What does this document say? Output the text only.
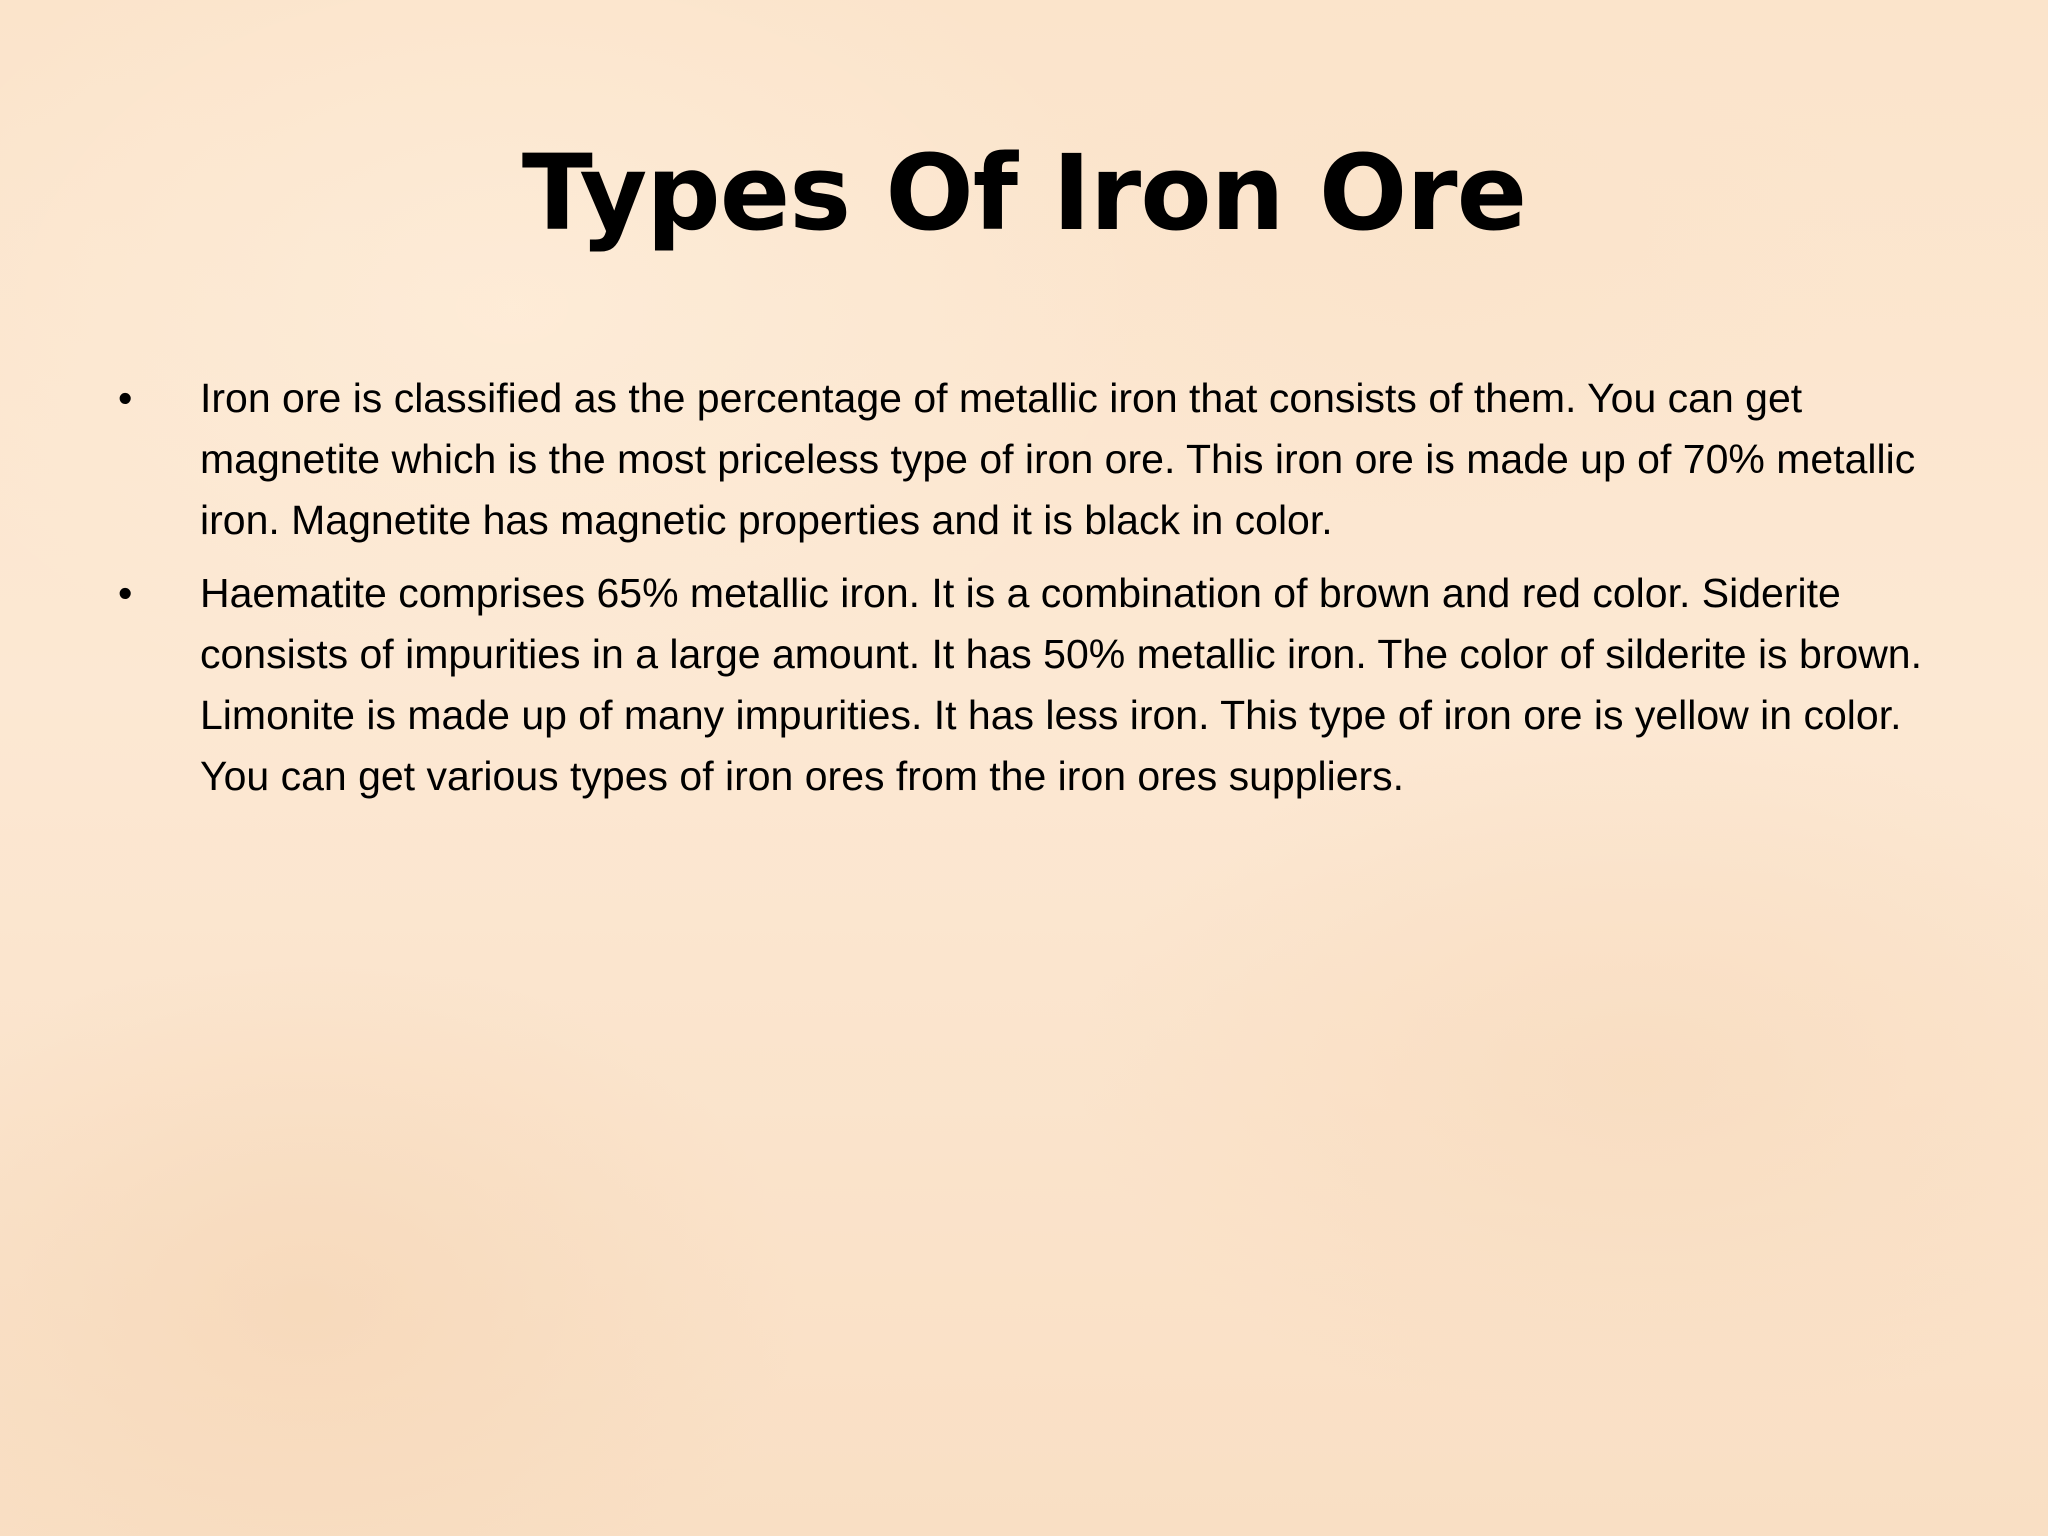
Types Of Iron Ore
•	Iron ore is classified as the percentage of metallic iron that consists of them. You can get magnetite which is the most priceless type of iron ore. This iron ore is made up of 70% metallic iron. Magnetite has magnetic properties and it is black in color.
•	Haematite comprises 65% metallic iron. It is a combination of brown and red color. Siderite consists of impurities in a large amount. It has 50% metallic iron. The color of silderite is brown. Limonite is made up of many impurities. It has less iron. This type of iron ore is yellow in color. You can get various types of iron ores from the iron ores suppliers.
